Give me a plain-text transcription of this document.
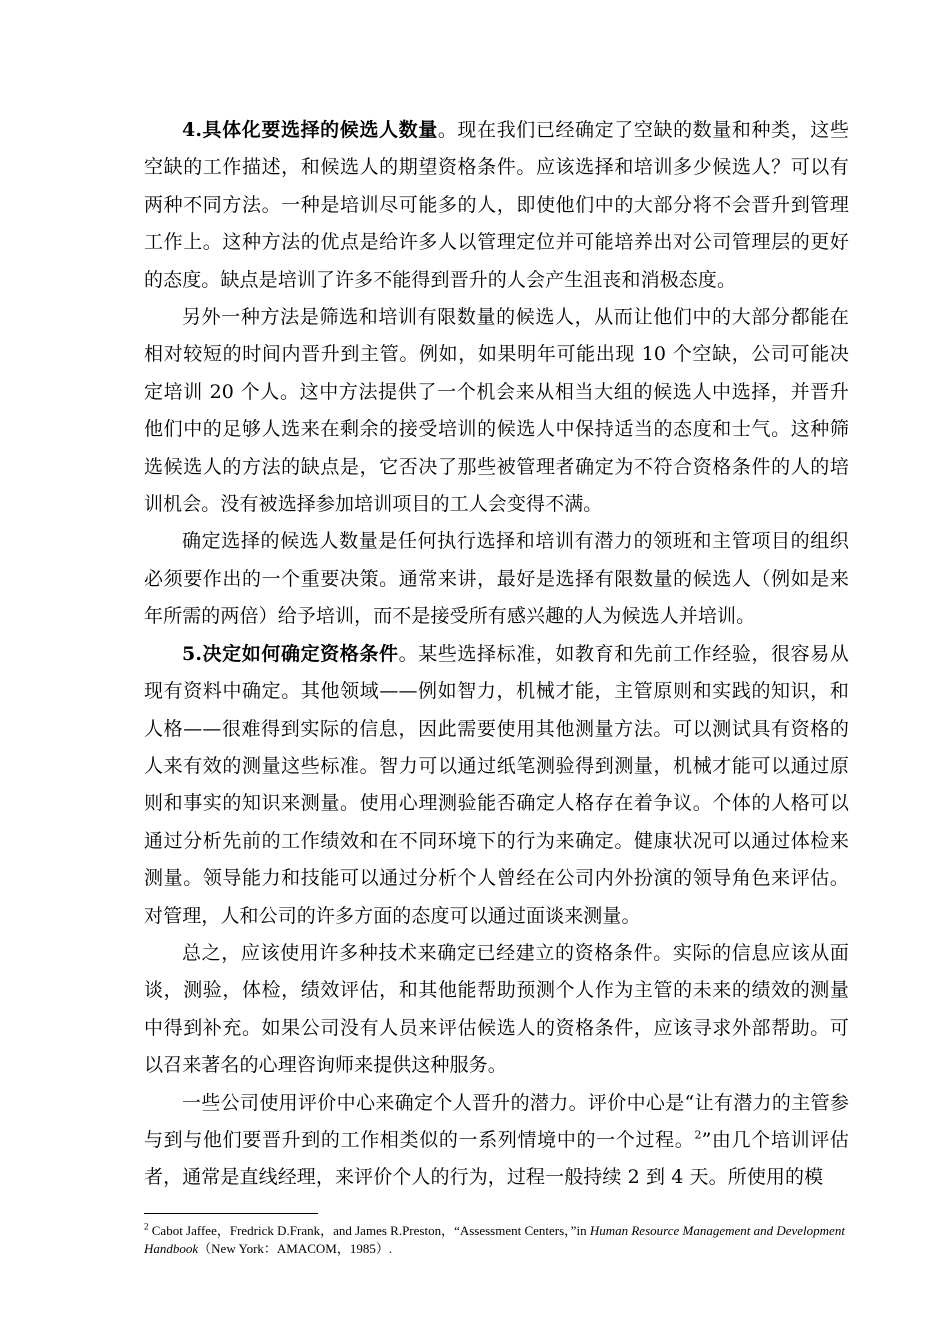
4.具体化要选择的候选人数量。现在我们已经确定了空缺的数量和种类，这些空缺的工作描述，和候选人的期望资格条件。应该选择和培训多少候选人？可以有两种不同方法。一种是培训尽可能多的人，即使他们中的大部分将不会晋升到管理工作上。这种方法的优点是给许多人以管理定位并可能培养出对公司管理层的更好的态度。缺点是培训了许多不能得到晋升的人会产生沮丧和消极态度。

另外一种方法是筛选和培训有限数量的候选人，从而让他们中的大部分都能在相对较短的时间内晋升到主管。例如，如果明年可能出现 10 个空缺，公司可能决定培训 20 个人。这中方法提供了一个机会来从相当大组的候选人中选择，并晋升他们中的足够人选来在剩余的接受培训的候选人中保持适当的态度和士气。这种筛选候选人的方法的缺点是，它否决了那些被管理者确定为不符合资格条件的人的培训机会。没有被选择参加培训项目的工人会变得不满。

确定选择的候选人数量是任何执行选择和培训有潜力的领班和主管项目的组织必须要作出的一个重要决策。通常来讲，最好是选择有限数量的候选人（例如是来年所需的两倍）给予培训，而不是接受所有感兴趣的人为候选人并培训。

5.决定如何确定资格条件。某些选择标准，如教育和先前工作经验，很容易从现有资料中确定。其他领域——例如智力，机械才能，主管原则和实践的知识，和人格——很难得到实际的信息，因此需要使用其他测量方法。可以测试具有资格的人来有效的测量这些标准。智力可以通过纸笔测验得到测量，机械才能可以通过原则和事实的知识来测量。使用心理测验能否确定人格存在着争议。个体的人格可以通过分析先前的工作绩效和在不同环境下的行为来确定。健康状况可以通过体检来测量。领导能力和技能可以通过分析个人曾经在公司内外扮演的领导角色来评估。对管理，人和公司的许多方面的态度可以通过面谈来测量。

总之，应该使用许多种技术来确定已经建立的资格条件。实际的信息应该从面谈，测验，体检，绩效评估，和其他能帮助预测个人作为主管的未来的绩效的测量中得到补充。如果公司没有人员来评估候选人的资格条件，应该寻求外部帮助。可以召来著名的心理咨询师来提供这种服务。

一些公司使用评价中心来确定个人晋升的潜力。评价中心是“让有潜力的主管参与到与他们要晋升到的工作相类似的一系列情境中的一个过程。$^2$”由几个培训评估者，通常是直线经理，来评价个人的行为，过程一般持续 2 到 4 天。所使用的模

$^2$ Cabot Jaffee，Fredrick D.Frank，and James R.Preston，“Assessment Centers，”in Human Resource Management and Development Handbook（New York：AMACOM，1985）.
